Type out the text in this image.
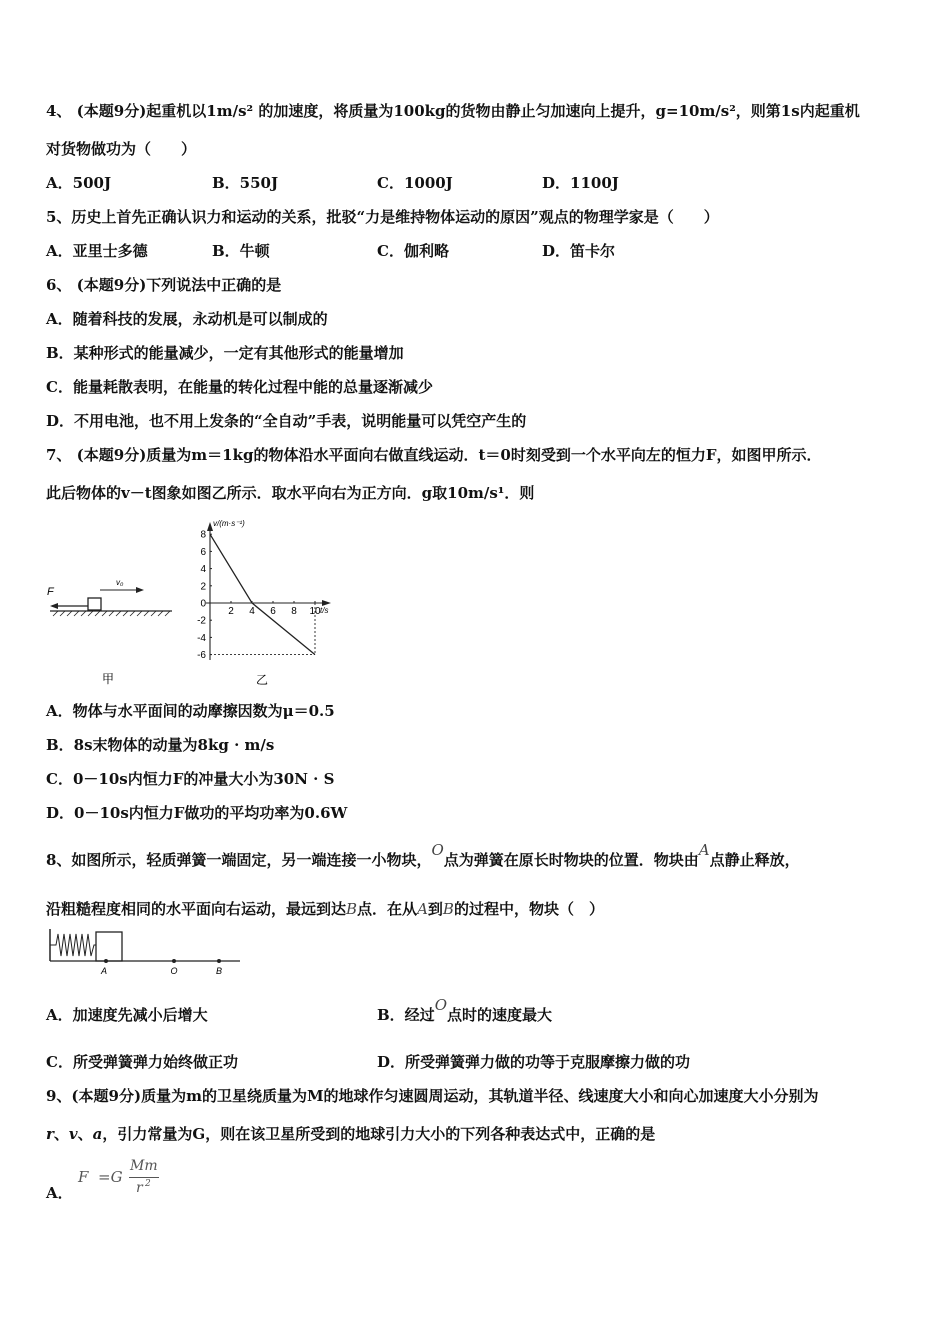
4、 (本题9分)起重机以1m/s² 的加速度，将质量为100kg的货物由静止匀加速向上提升，g=10m/s²，则第1s内起重机
对货物做功为（　　）
A．500J	B．550J	C．1000J	D．1100J
5、历史上首先正确认识力和运动的关系，批驳“力是维持物体运动的原因”观点的物理学家是（　　）
A．亚里士多德	B．牛顿	C．伽利略	D．笛卡尔
6、 (本题9分)下列说法中正确的是
A．随着科技的发展，永动机是可以制成的
B．某种形式的能量减少，一定有其他形式的能量增加
C．能量耗散表明，在能量的转化过程中能的总量逐渐减少
D．不用电池，也不用上发条的“全自动”手表，说明能量可以凭空产生的
7、 (本题9分)质量为m＝1kg的物体沿水平面向右做直线运动．t＝0时刻受到一个水平向左的恒力F，如图甲所示．
此后物体的v－t图象如图乙所示．取水平向右为正方向．g取10m/s¹．则
F
v₀
甲
v/(m·s⁻¹)
t/s
乙
2 4 6 8 10
8
6
4
2
0
-2
-4
-6
A．物体与水平面间的动摩擦因数为μ＝0.5
B．8s末物体的动量为8kg · m/s
C．0－10s内恒力F的冲量大小为30N · S
D．0－10s内恒力F做功的平均功率为0.6W
8、如图所示，轻质弹簧一端固定，另一端连接一小物块，O点为弹簧在原长时物块的位置．物块由A点静止释放，
沿粗糙程度相同的水平面向右运动，最远到达B点．在从A到B的过程中，物块（　）
A	O	B
A．加速度先减小后增大	B．经过O点时的速度最大
C．所受弹簧弹力始终做正功	D．所受弹簧弹力做的功等于克服摩擦力做的功
9、(本题9分)质量为m的卫星绕质量为M的地球作匀速圆周运动，其轨道半径、线速度大小和向心加速度大小分别为
r、v、a，引力常量为G，则在该卫星所受到的地球引力大小的下列各种表达式中，正确的是
A．
F =G
Mm
r 2
